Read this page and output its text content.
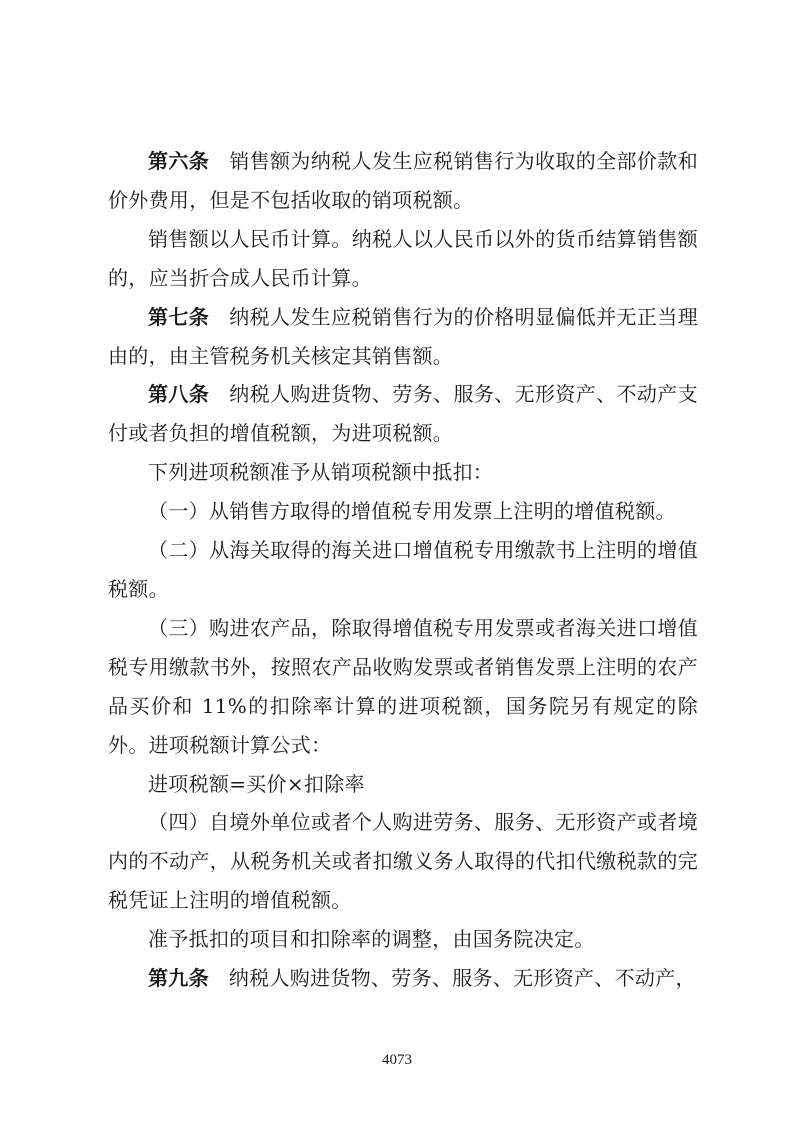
第六条 销售额为纳税人发生应税销售行为收取的全部价款和价外费用，但是不包括收取的销项税额。

销售额以人民币计算。纳税人以人民币以外的货币结算销售额的，应当折合成人民币计算。

第七条 纳税人发生应税销售行为的价格明显偏低并无正当理由的，由主管税务机关核定其销售额。

第八条 纳税人购进货物、劳务、服务、无形资产、不动产支付或者负担的增值税额，为进项税额。

下列进项税额准予从销项税额中抵扣：

（一）从销售方取得的增值税专用发票上注明的增值税额。

（二）从海关取得的海关进口增值税专用缴款书上注明的增值税额。

（三）购进农产品，除取得增值税专用发票或者海关进口增值税专用缴款书外，按照农产品收购发票或者销售发票上注明的农产品买价和 11%的扣除率计算的进项税额，国务院另有规定的除外。进项税额计算公式：

进项税额=买价×扣除率

（四）自境外单位或者个人购进劳务、服务、无形资产或者境内的不动产，从税务机关或者扣缴义务人取得的代扣代缴税款的完税凭证上注明的增值税额。

准予抵扣的项目和扣除率的调整，由国务院决定。

第九条 纳税人购进货物、劳务、服务、无形资产、不动产，

4073
